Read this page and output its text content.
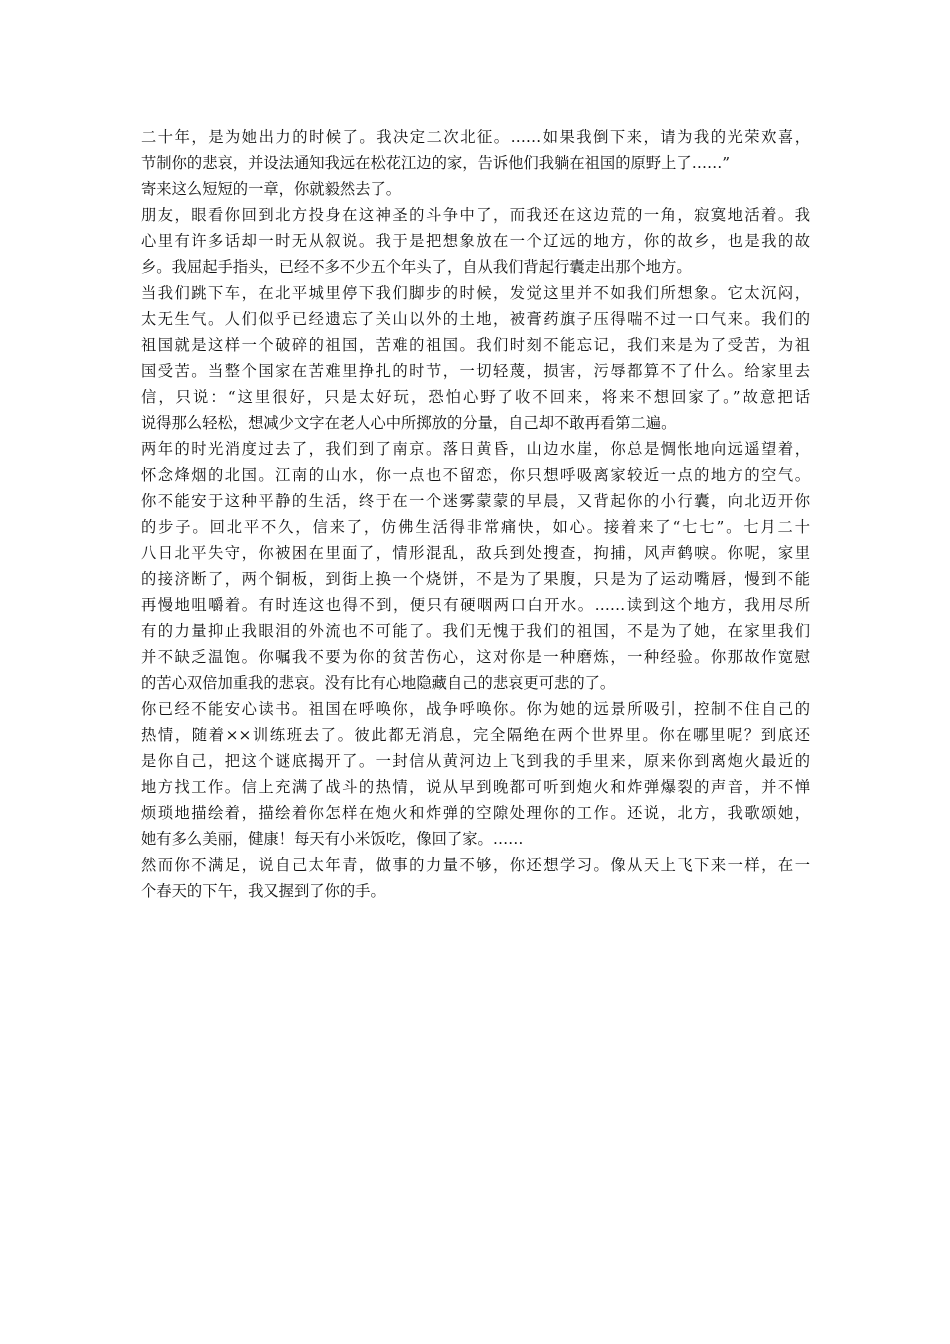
二十年，是为她出力的时候了。我决定二次北征。……如果我倒下来，请为我的光荣欢喜，

节制你的悲哀，并设法通知我远在松花江边的家，告诉他们我躺在祖国的原野上了……”

寄来这么短短的一章，你就毅然去了。

朋友，眼看你回到北方投身在这神圣的斗争中了，而我还在这边荒的一角，寂寞地活着。我

心里有许多话却一时无从叙说。我于是把想象放在一个辽远的地方，你的故乡，也是我的故

乡。我屈起手指头，已经不多不少五个年头了，自从我们背起行囊走出那个地方。

当我们跳下车，在北平城里停下我们脚步的时候，发觉这里并不如我们所想象。它太沉闷，

太无生气。人们似乎已经遗忘了关山以外的土地，被膏药旗子压得喘不过一口气来。我们的

祖国就是这样一个破碎的祖国，苦难的祖国。我们时刻不能忘记，我们来是为了受苦，为祖

国受苦。当整个国家在苦难里挣扎的时节，一切轻蔑，损害，污辱都算不了什么。给家里去

信，只说：“这里很好，只是太好玩，恐怕心野了收不回来，将来不想回家了。”故意把话

说得那么轻松，想减少文字在老人心中所掷放的分量，自己却不敢再看第二遍。

两年的时光消度过去了，我们到了南京。落日黄昏，山边水崖，你总是惆怅地向远遥望着，

怀念烽烟的北国。江南的山水，你一点也不留恋，你只想呼吸离家较近一点的地方的空气。

你不能安于这种平静的生活，终于在一个迷雾蒙蒙的早晨，又背起你的小行囊，向北迈开你

的步子。回北平不久，信来了，仿佛生活得非常痛快，如心。接着来了“七七”。七月二十

八日北平失守，你被困在里面了，情形混乱，敌兵到处搜查，拘捕，风声鹤唳。你呢，家里

的接济断了，两个铜板，到街上换一个烧饼，不是为了果腹，只是为了运动嘴唇，慢到不能

再慢地咀嚼着。有时连这也得不到，便只有硬咽两口白开水。……读到这个地方，我用尽所

有的力量抑止我眼泪的外流也不可能了。我们无愧于我们的祖国，不是为了她，在家里我们

并不缺乏温饱。你嘱我不要为你的贫苦伤心，这对你是一种磨炼，一种经验。你那故作宽慰

的苦心双倍加重我的悲哀。没有比有心地隐藏自己的悲哀更可悲的了。

你已经不能安心读书。祖国在呼唤你，战争呼唤你。你为她的远景所吸引，控制不住自己的

热情，随着××训练班去了。彼此都无消息，完全隔绝在两个世界里。你在哪里呢？到底还

是你自己，把这个谜底揭开了。一封信从黄河边上飞到我的手里来，原来你到离炮火最近的

地方找工作。信上充满了战斗的热情，说从早到晚都可听到炮火和炸弹爆裂的声音，并不惮

烦琐地描绘着，描绘着你怎样在炮火和炸弹的空隙处理你的工作。还说，北方，我歌颂她，

她有多么美丽，健康！每天有小米饭吃，像回了家。……

然而你不满足，说自己太年青，做事的力量不够，你还想学习。像从天上飞下来一样，在一

个春天的下午，我又握到了你的手。
